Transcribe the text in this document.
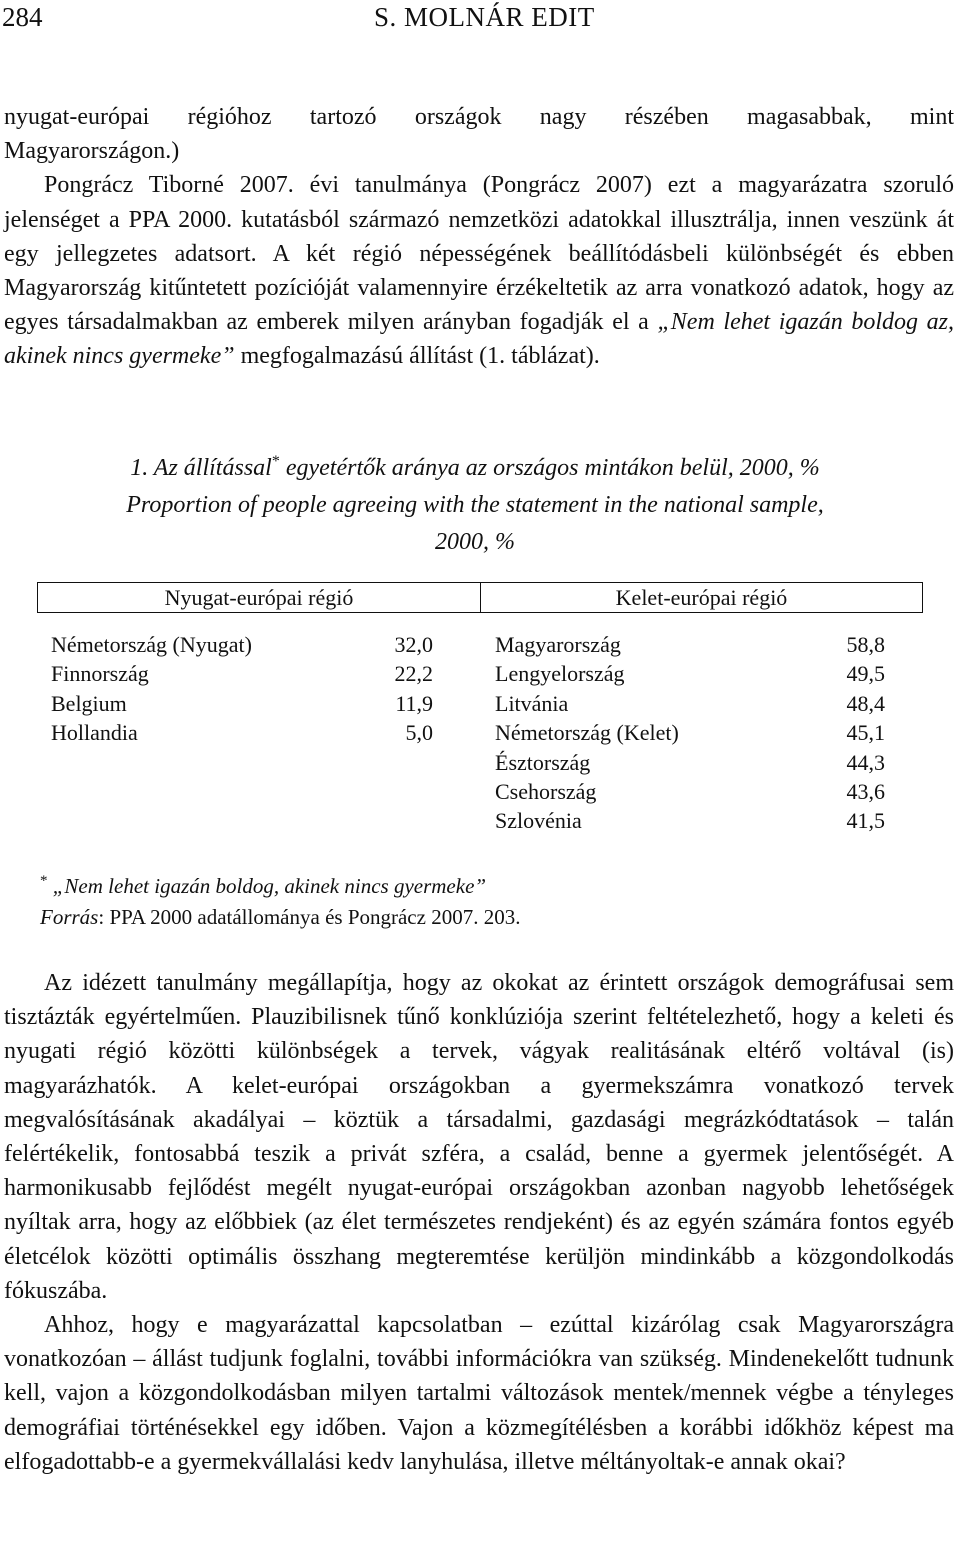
284	S. MOLNÁR EDIT

nyugat-európai régióhoz tartozó országok nagy részében magasabbak, mint

Magyarországon.)

Pongrácz Tiborné 2007. évi tanulmánya (Pongrácz 2007) ezt a magyarázatra szoruló jelenséget a PPA 2000. kutatásból származó nemzetközi adatokkal illusztrálja, innen veszünk át egy jellegzetes adatsort. A két régió népességének beállítódásbeli különbségét és ebben Magyarország kitűntetett pozícióját valamennyire érzékeltetik az arra vonatkozó adatok, hogy az egyes társadalmakban az emberek milyen arányban fogadják el a „Nem lehet igazán boldog az, akinek nincs gyermeke” megfogalmazású állítást (1. táblázat).

1. Az állítással* egyetértők aránya az országos mintákon belül, 2000, %
Proportion of people agreeing with the statement in the national sample,
2000, %
Nyugat-európai régió	Kelet-európai régió
Németország (Nyugat)	32,0
Finnország	22,2
Belgium	11,9
Hollandia	5,0
Magyarország	58,8
Lengyelország	49,5
Litvánia	48,4
Németország (Kelet)	45,1
Észtország	44,3
Csehország	43,6
Szlovénia	41,5
* „Nem lehet igazán boldog, akinek nincs gyermeke”
Forrás: PPA 2000 adatállománya és Pongrácz 2007. 203.

Az idézett tanulmány megállapítja, hogy az okokat az érintett országok demográfusai sem tisztázták egyértelműen. Plauzibilisnek tűnő konklúziója szerint feltételezhető, hogy a keleti és nyugati régió közötti különbségek a tervek, vágyak realitásának eltérő voltával (is) magyarázhatók. A kelet-európai országokban a gyermekszámra vonatkozó tervek megvalósításának akadályai – köztük a társadalmi, gazdasági megrázkódtatások – talán felértékelik, fontosabbá teszik a privát szféra, a család, benne a gyermek jelentőségét. A harmonikusabb fejlődést megélt nyugat-európai országokban azonban nagyobb lehetőségek nyíltak arra, hogy az előbbiek (az élet természetes rendjeként) és az egyén számára fontos egyéb életcélok közötti optimális összhang megteremtése kerüljön mindinkább a közgondolkodás fókuszába.

Ahhoz, hogy e magyarázattal kapcsolatban – ezúttal kizárólag csak Magyarországra vonatkozóan – állást tudjunk foglalni, további információkra van szükség. Mindenekelőtt tudnunk kell, vajon a közgondolkodásban milyen tartalmi változások mentek/mennek végbe a tényleges demográfiai történésekkel egy időben. Vajon a közmegítélésben a korábbi időkhöz képest ma elfogadottabb-e a gyermekvállalási kedv lanyhulása, illetve méltányoltak-e annak okai?
